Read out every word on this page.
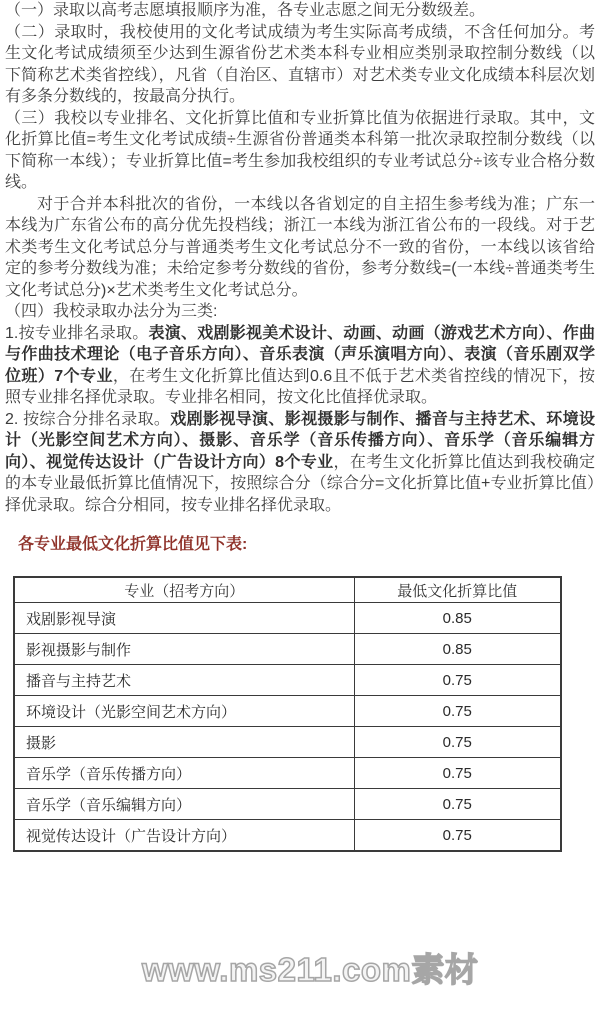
（一）录取以高考志愿填报顺序为准，各专业志愿之间无分数级差。

（二）录取时，我校使用的文化考试成绩为考生实际高考成绩，不含任何加分。考生文化考试成绩须至少达到生源省份艺术类本科专业相应类别录取控制分数线（以下简称艺术类省控线），凡省（自治区、直辖市）对艺术类专业文化成绩本科层次划有多条分数线的，按最高分执行。

（三）我校以专业排名、文化折算比值和专业折算比值为依据进行录取。其中，文化折算比值=考生文化考试成绩÷生源省份普通类本科第一批次录取控制分数线（以下简称一本线）；专业折算比值=考生参加我校组织的专业考试总分÷该专业合格分数线。

对于合并本科批次的省份，一本线以各省划定的自主招生参考线为准；广东一本线为广东省公布的高分优先投档线；浙江一本线为浙江省公布的一段线。对于艺术类考生文化考试总分与普通类考生文化考试总分不一致的省份，一本线以该省给定的参考分数线为准；未给定参考分数线的省份，参考分数线=(一本线÷普通类考生文化考试总分)×艺术类考生文化考试总分。

（四）我校录取办法分为三类:

1.按专业排名录取。表演、戏剧影视美术设计、动画、动画（游戏艺术方向）、作曲与作曲技术理论（电子音乐方向）、音乐表演（声乐演唱方向）、表演（音乐剧双学位班）7个专业，在考生文化折算比值达到0.6且不低于艺术类省控线的情况下，按照专业排名择优录取。专业排名相同，按文化比值择优录取。

2. 按综合分排名录取。戏剧影视导演、影视摄影与制作、播音与主持艺术、环境设计（光影空间艺术方向）、摄影、音乐学（音乐传播方向）、音乐学（音乐编辑方向）、视觉传达设计（广告设计方向）8个专业，在考生文化折算比值达到我校确定的本专业最低折算比值情况下，按照综合分（综合分=文化折算比值+专业折算比值）择优录取。综合分相同，按专业排名择优录取。

各专业最低文化折算比值见下表:

专业（招考方向）	最低文化折算比值
戏剧影视导演	0.85
影视摄影与制作	0.85
播音与主持艺术	0.75
环境设计（光影空间艺术方向）	0.75
摄影	0.75
音乐学（音乐传播方向）	0.75
音乐学（音乐编辑方向）	0.75
视觉传达设计（广告设计方向）	0.75
www.ms211.com素材
